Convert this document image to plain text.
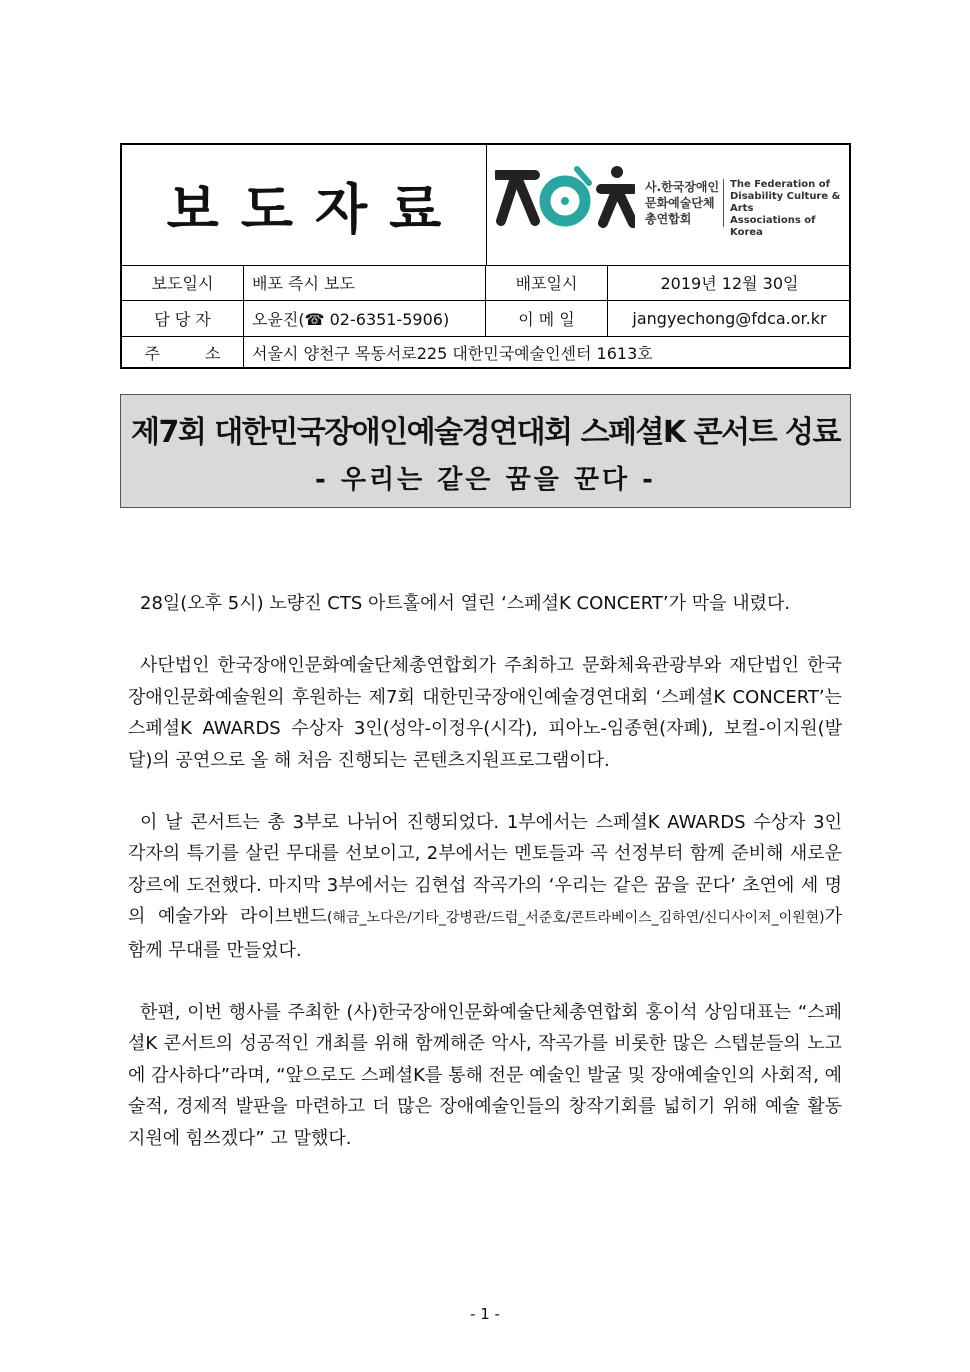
보도자료	사.한국장애인
문화예술단체
총연합회
The Federation of
Disability Culture & Arts
Associations of
Korea
보도일시	배포 즉시 보도	배포일시	2019년 12월 30일
담 당 자	오윤진(☎ 02-6351-5906)	이 메 일	jangyechong@fdca.or.kr
주 소	서울시 양천구 목동서로225 대한민국예술인센터 1613호
제7회 대한민국장애인예술경연대회 스페셜K 콘서트 성료
- 우리는 같은 꿈을 꾼다 -

28일(오후 5시) 노량진 CTS 아트홀에서 열린 ‘스페셜K CONCERT’가 막을 내렸다.

사단법인 한국장애인문화예술단체총연합회가 주최하고 문화체육관광부와 재단법인 한국장애인문화예술원의 후원하는 제7회 대한민국장애인예술경연대회 ‘스페셜K CONCERT’는 스페셜K AWARDS 수상자 3인(성악-이정우(시각), 피아노-임종현(자폐), 보컬-이지원(발달)의 공연으로 올 해 처음 진행되는 콘텐츠지원프로그램이다.

이 날 콘서트는 총 3부로 나뉘어 진행되었다. 1부에서는 스페셜K AWARDS 수상자 3인 각자의 특기를 살린 무대를 선보이고, 2부에서는 멘토들과 곡 선정부터 함께 준비해 새로운 장르에 도전했다. 마지막 3부에서는 김현섭 작곡가의 ‘우리는 같은 꿈을 꾼다’ 초연에 세 명의 예술가와 라이브밴드(해금_노다은/기타_강병관/드럼_서준호/콘트라베이스_김하연/신디사이저_이원현)가 함께 무대를 만들었다.

한편, 이번 행사를 주최한 (사)한국장애인문화예술단체총연합회 홍이석 상임대표는 “스페셜K 콘서트의 성공적인 개최를 위해 함께해준 악사, 작곡가를 비롯한 많은 스텝분들의 노고에 감사하다”라며, “앞으로도 스페셜K를 통해 전문 예술인 발굴 및 장애예술인의 사회적, 예술적, 경제적 발판을 마련하고 더 많은 장애예술인들의 창작기회를 넓히기 위해 예술 활동 지원에 힘쓰겠다” 고 말했다.

- 1 -
